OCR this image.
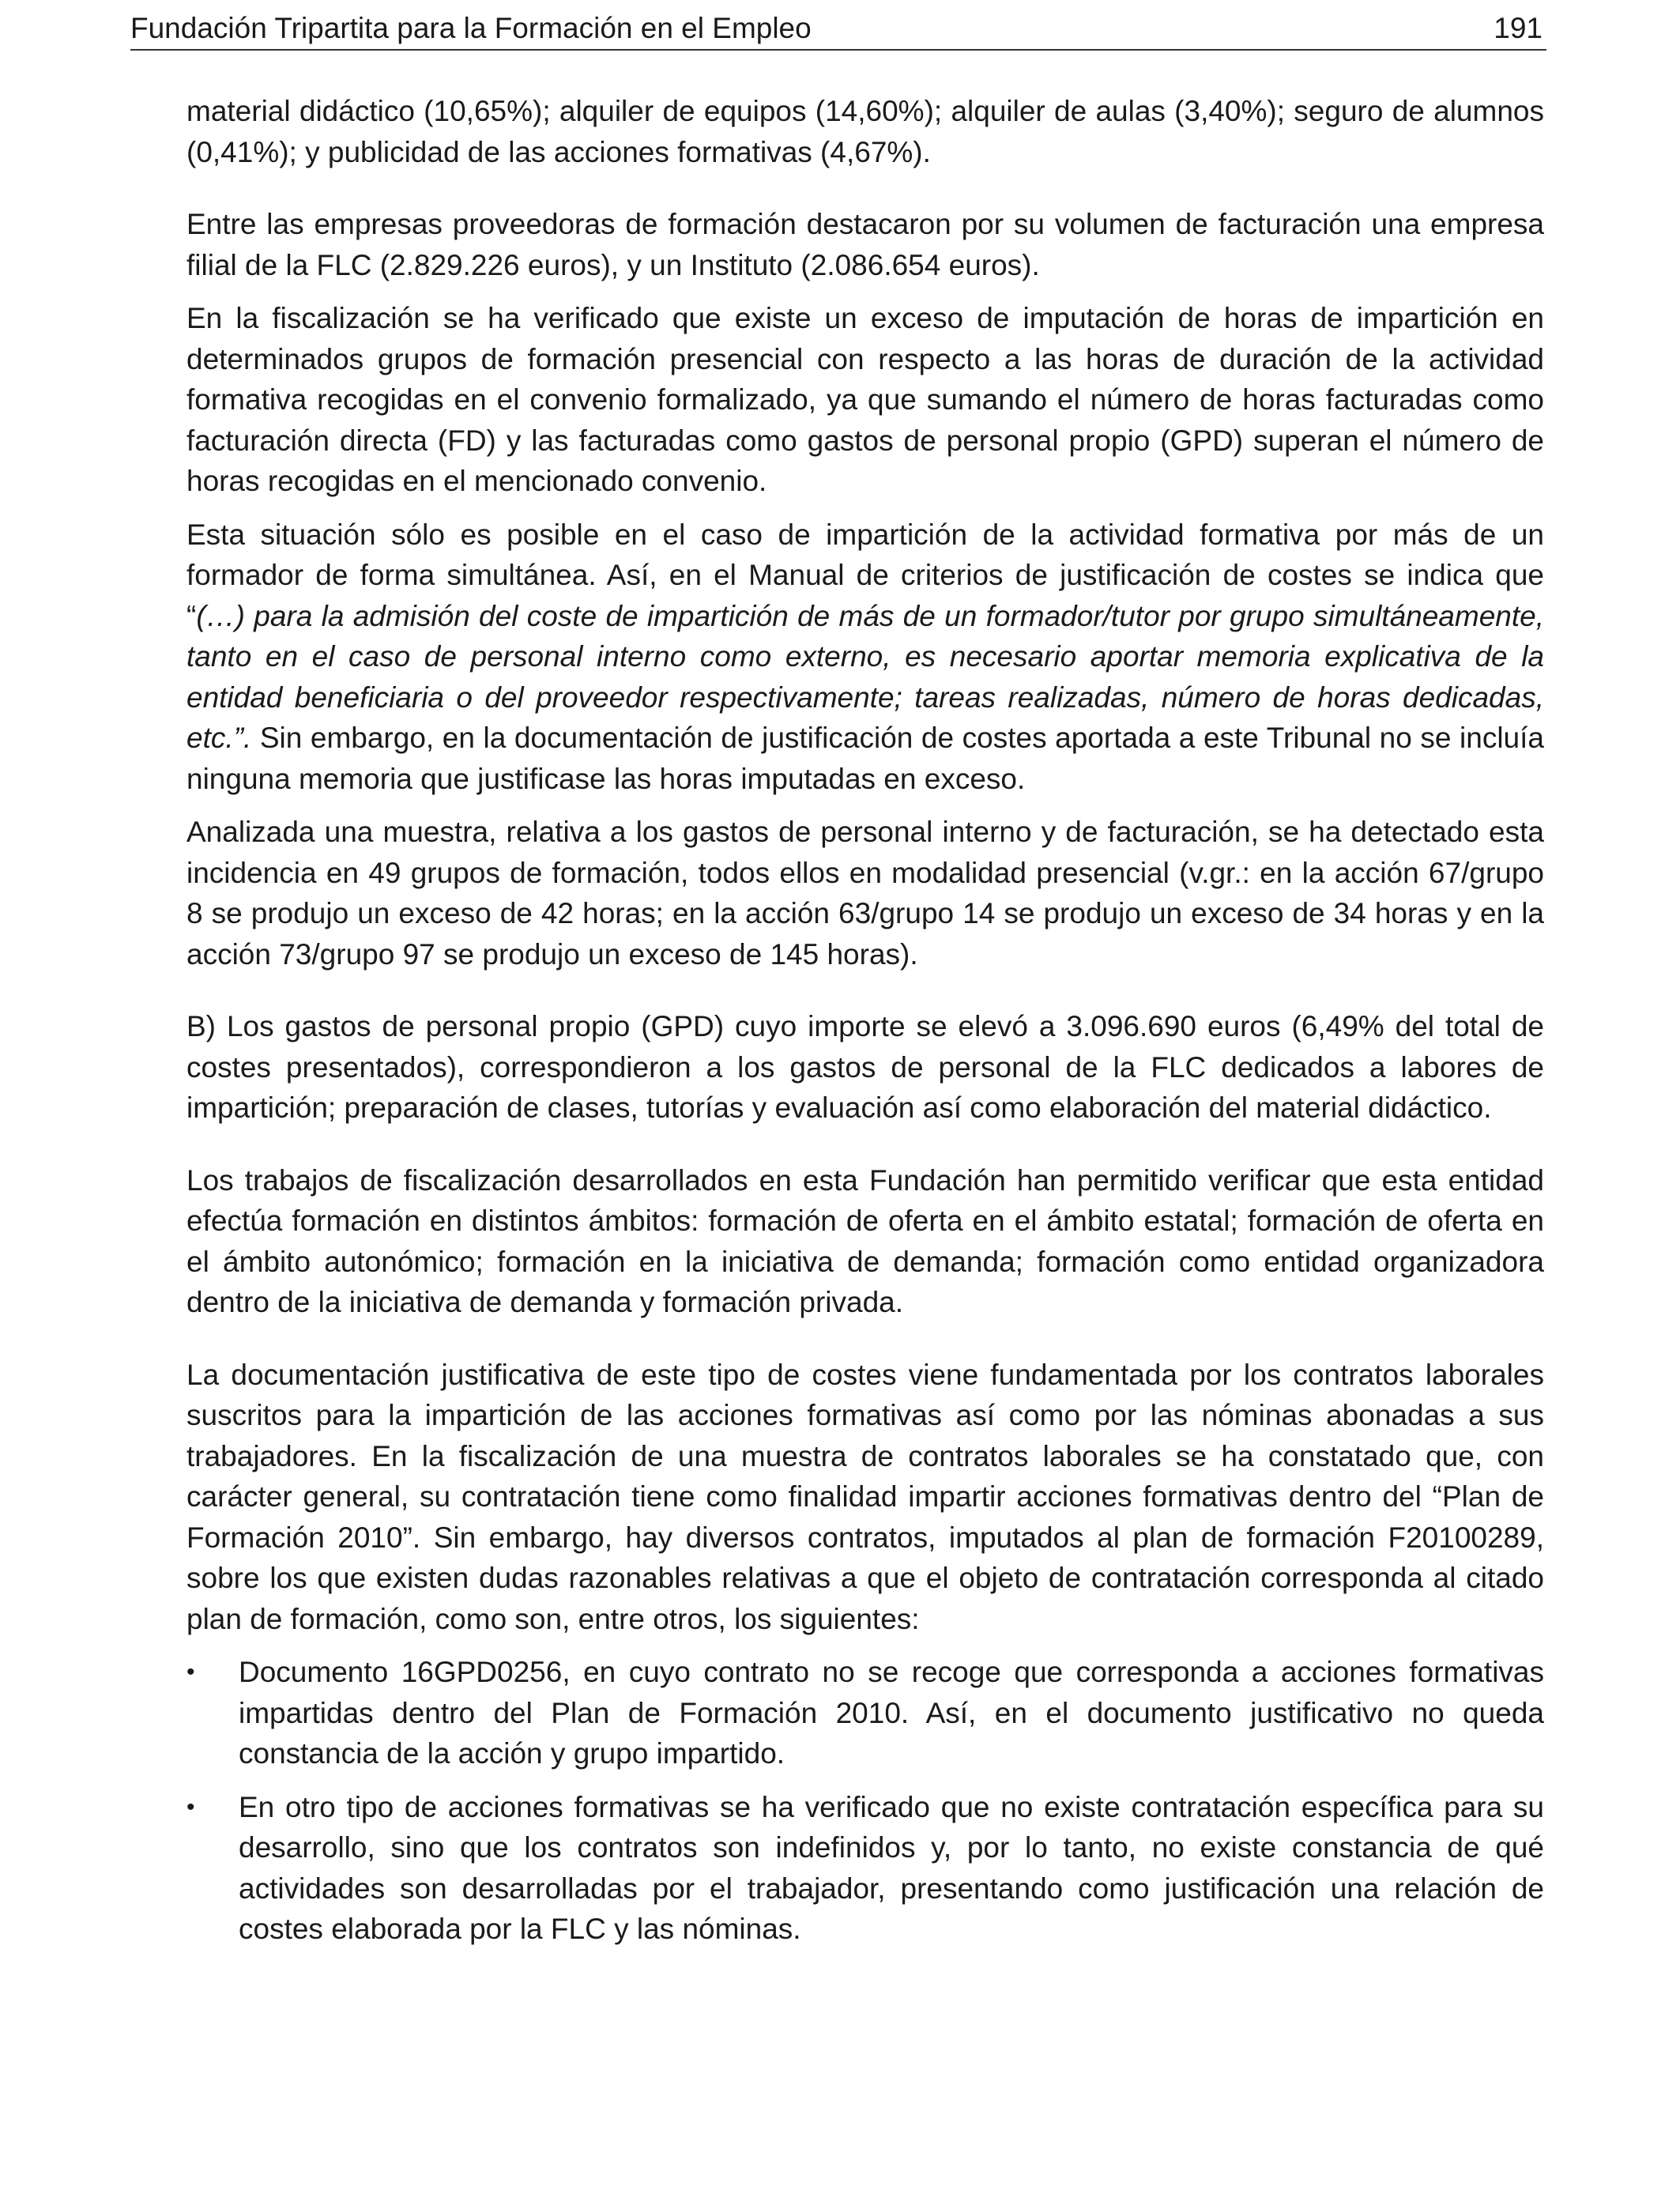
Fundación Tripartita para la Formación en el Empleo	191

material didáctico (10,65%); alquiler de equipos (14,60%); alquiler de aulas (3,40%); seguro de alumnos (0,41%); y publicidad de las acciones formativas (4,67%).

Entre las empresas proveedoras de formación destacaron por su volumen de facturación una empresa filial de la FLC (2.829.226 euros), y un Instituto (2.086.654 euros).

En la fiscalización se ha verificado que existe un exceso de imputación de horas de impartición en determinados grupos de formación presencial con respecto a las horas de duración de la actividad formativa recogidas en el convenio formalizado, ya que sumando el número de horas facturadas como facturación directa (FD) y las facturadas como gastos de personal propio (GPD) superan el número de horas recogidas en el mencionado convenio.

Esta situación sólo es posible en el caso de impartición de la actividad formativa por más de un formador de forma simultánea. Así, en el Manual de criterios de justificación de costes se indica que “(…) para la admisión del coste de impartición de más de un formador/tutor por grupo simultáneamente, tanto en el caso de personal interno como externo, es necesario aportar memoria explicativa de la entidad beneficiaria o del proveedor respectivamente; tareas realizadas, número de horas dedicadas, etc.”. Sin embargo, en la documentación de justificación de costes aportada a este Tribunal no se incluía ninguna memoria que justificase las horas imputadas en exceso.

Analizada una muestra, relativa a los gastos de personal interno y de facturación, se ha detectado esta incidencia en 49 grupos de formación, todos ellos en modalidad presencial (v.gr.: en la acción 67/grupo 8 se produjo un exceso de 42 horas; en la acción 63/grupo 14 se produjo un exceso de 34 horas y en la acción 73/grupo 97 se produjo un exceso de 145 horas).

B) Los gastos de personal propio (GPD) cuyo importe se elevó a 3.096.690 euros (6,49% del total de costes presentados), correspondieron a los gastos de personal de la FLC dedicados a labores de impartición; preparación de clases, tutorías y evaluación así como elaboración del material didáctico.

Los trabajos de fiscalización desarrollados en esta Fundación han permitido verificar que esta entidad efectúa formación en distintos ámbitos: formación de oferta en el ámbito estatal; formación de oferta en el ámbito autonómico; formación en la iniciativa de demanda; formación como entidad organizadora dentro de la iniciativa de demanda y formación privada.

La documentación justificativa de este tipo de costes viene fundamentada por los contratos laborales suscritos para la impartición de las acciones formativas así como por las nóminas abonadas a sus trabajadores. En la fiscalización de una muestra de contratos laborales se ha constatado que, con carácter general, su contratación tiene como finalidad impartir acciones formativas dentro del “Plan de Formación 2010”. Sin embargo, hay diversos contratos, imputados al plan de formación F20100289, sobre los que existen dudas razonables relativas a que el objeto de contratación corresponda al citado plan de formación, como son, entre otros, los siguientes:

• Documento 16GPD0256, en cuyo contrato no se recoge que corresponda a acciones formativas impartidas dentro del Plan de Formación 2010. Así, en el documento justificativo no queda constancia de la acción y grupo impartido.
• En otro tipo de acciones formativas se ha verificado que no existe contratación específica para su desarrollo, sino que los contratos son indefinidos y, por lo tanto, no existe constancia de qué actividades son desarrolladas por el trabajador, presentando como justificación una relación de costes elaborada por la FLC y las nóminas.
